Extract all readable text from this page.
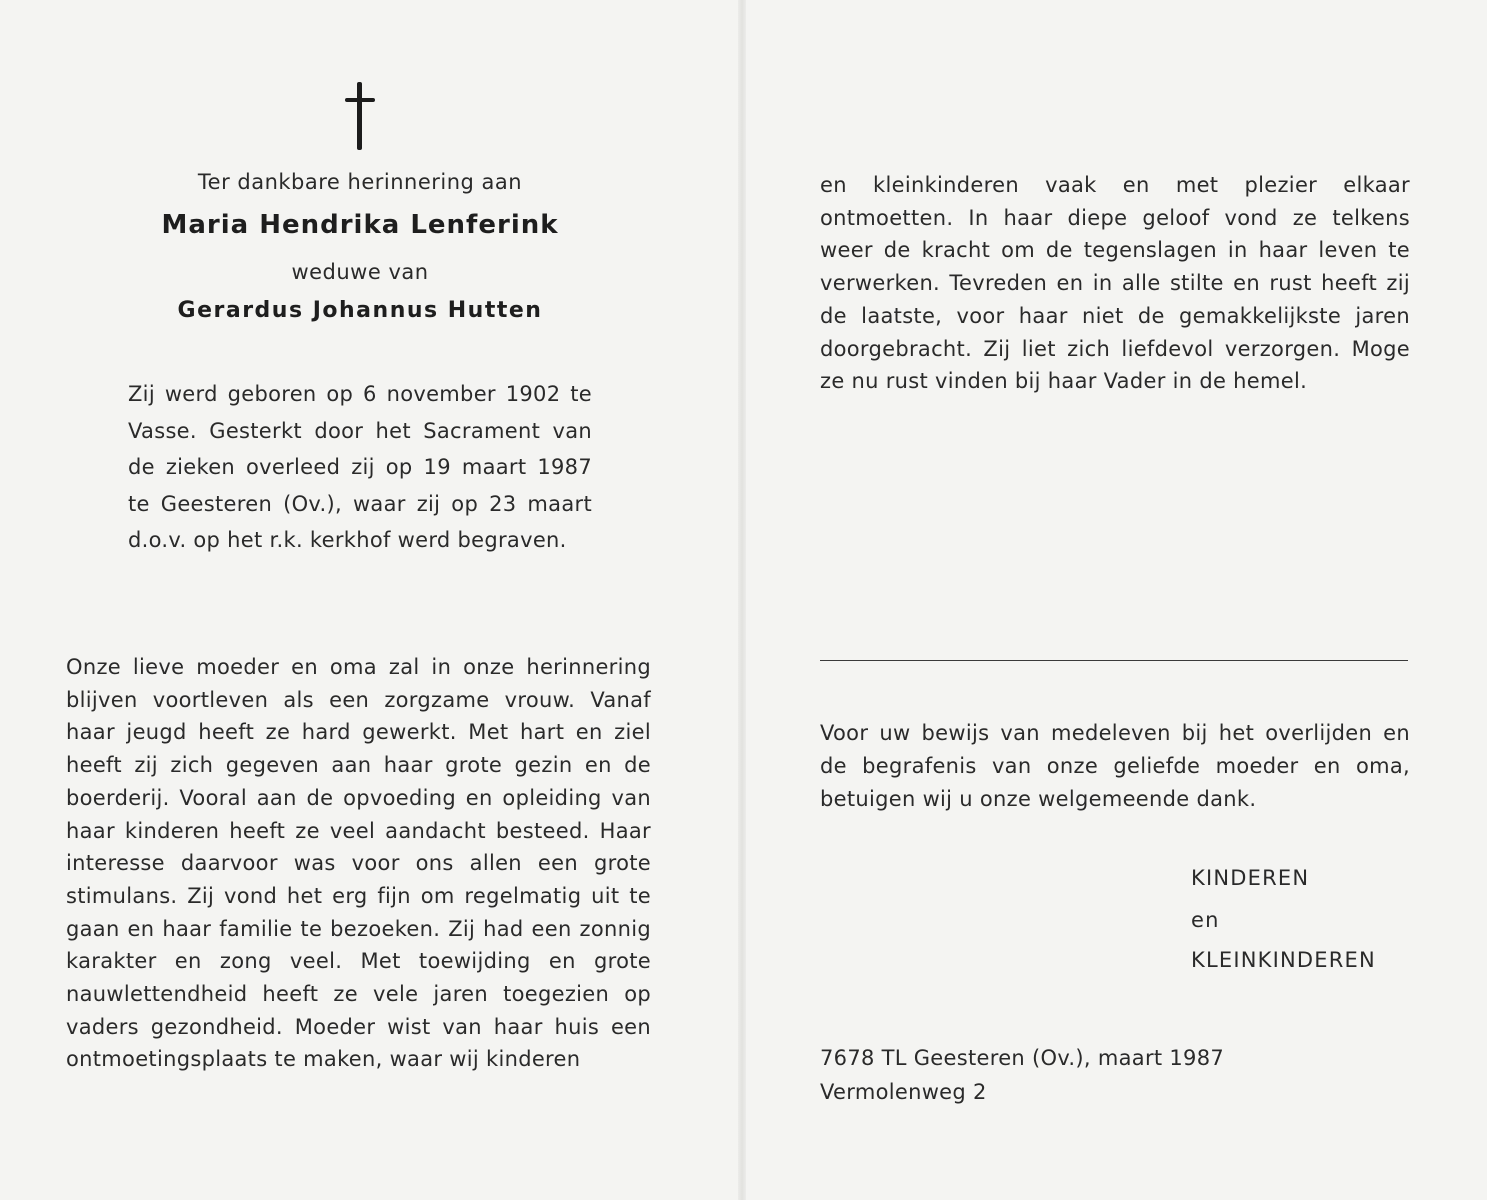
Ter dankbare herinnering aan
Maria Hendrika Lenferink
weduwe van
Gerardus Johannus Hutten

Zij werd geboren op 6 november 1902 te Vasse. Gesterkt door het Sacrament van de zieken overleed zij op 19 maart 1987 te Geesteren (Ov.), waar zij op 23 maart d.o.v. op het r.k. kerkhof werd begraven.

Onze lieve moeder en oma zal in onze herinnering blijven voortleven als een zorgzame vrouw. Vanaf haar jeugd heeft ze hard gewerkt. Met hart en ziel heeft zij zich gegeven aan haar grote gezin en de boerderij. Vooral aan de opvoeding en opleiding van haar kinderen heeft ze veel aandacht besteed. Haar interesse daarvoor was voor ons allen een grote stimulans. Zij vond het erg fijn om regelmatig uit te gaan en haar familie te bezoeken. Zij had een zonnig karakter en zong veel. Met toewijding en grote nauwlettendheid heeft ze vele jaren toegezien op vaders gezondheid. Moeder wist van haar huis een ontmoetingsplaats te maken, waar wij kinderen

en kleinkinderen vaak en met plezier elkaar ontmoetten. In haar diepe geloof vond ze telkens weer de kracht om de tegenslagen in haar leven te verwerken. Tevreden en in alle stilte en rust heeft zij de laatste, voor haar niet de gemakkelijkste jaren doorgebracht. Zij liet zich liefdevol verzorgen. Moge ze nu rust vinden bij haar Vader in de hemel.

Voor uw bewijs van medeleven bij het overlijden en de begrafenis van onze geliefde moeder en oma, betuigen wij u onze welgemeende dank.

KINDEREN
en
KLEINKINDEREN
7678 TL Geesteren (Ov.), maart 1987
Vermolenweg 2
